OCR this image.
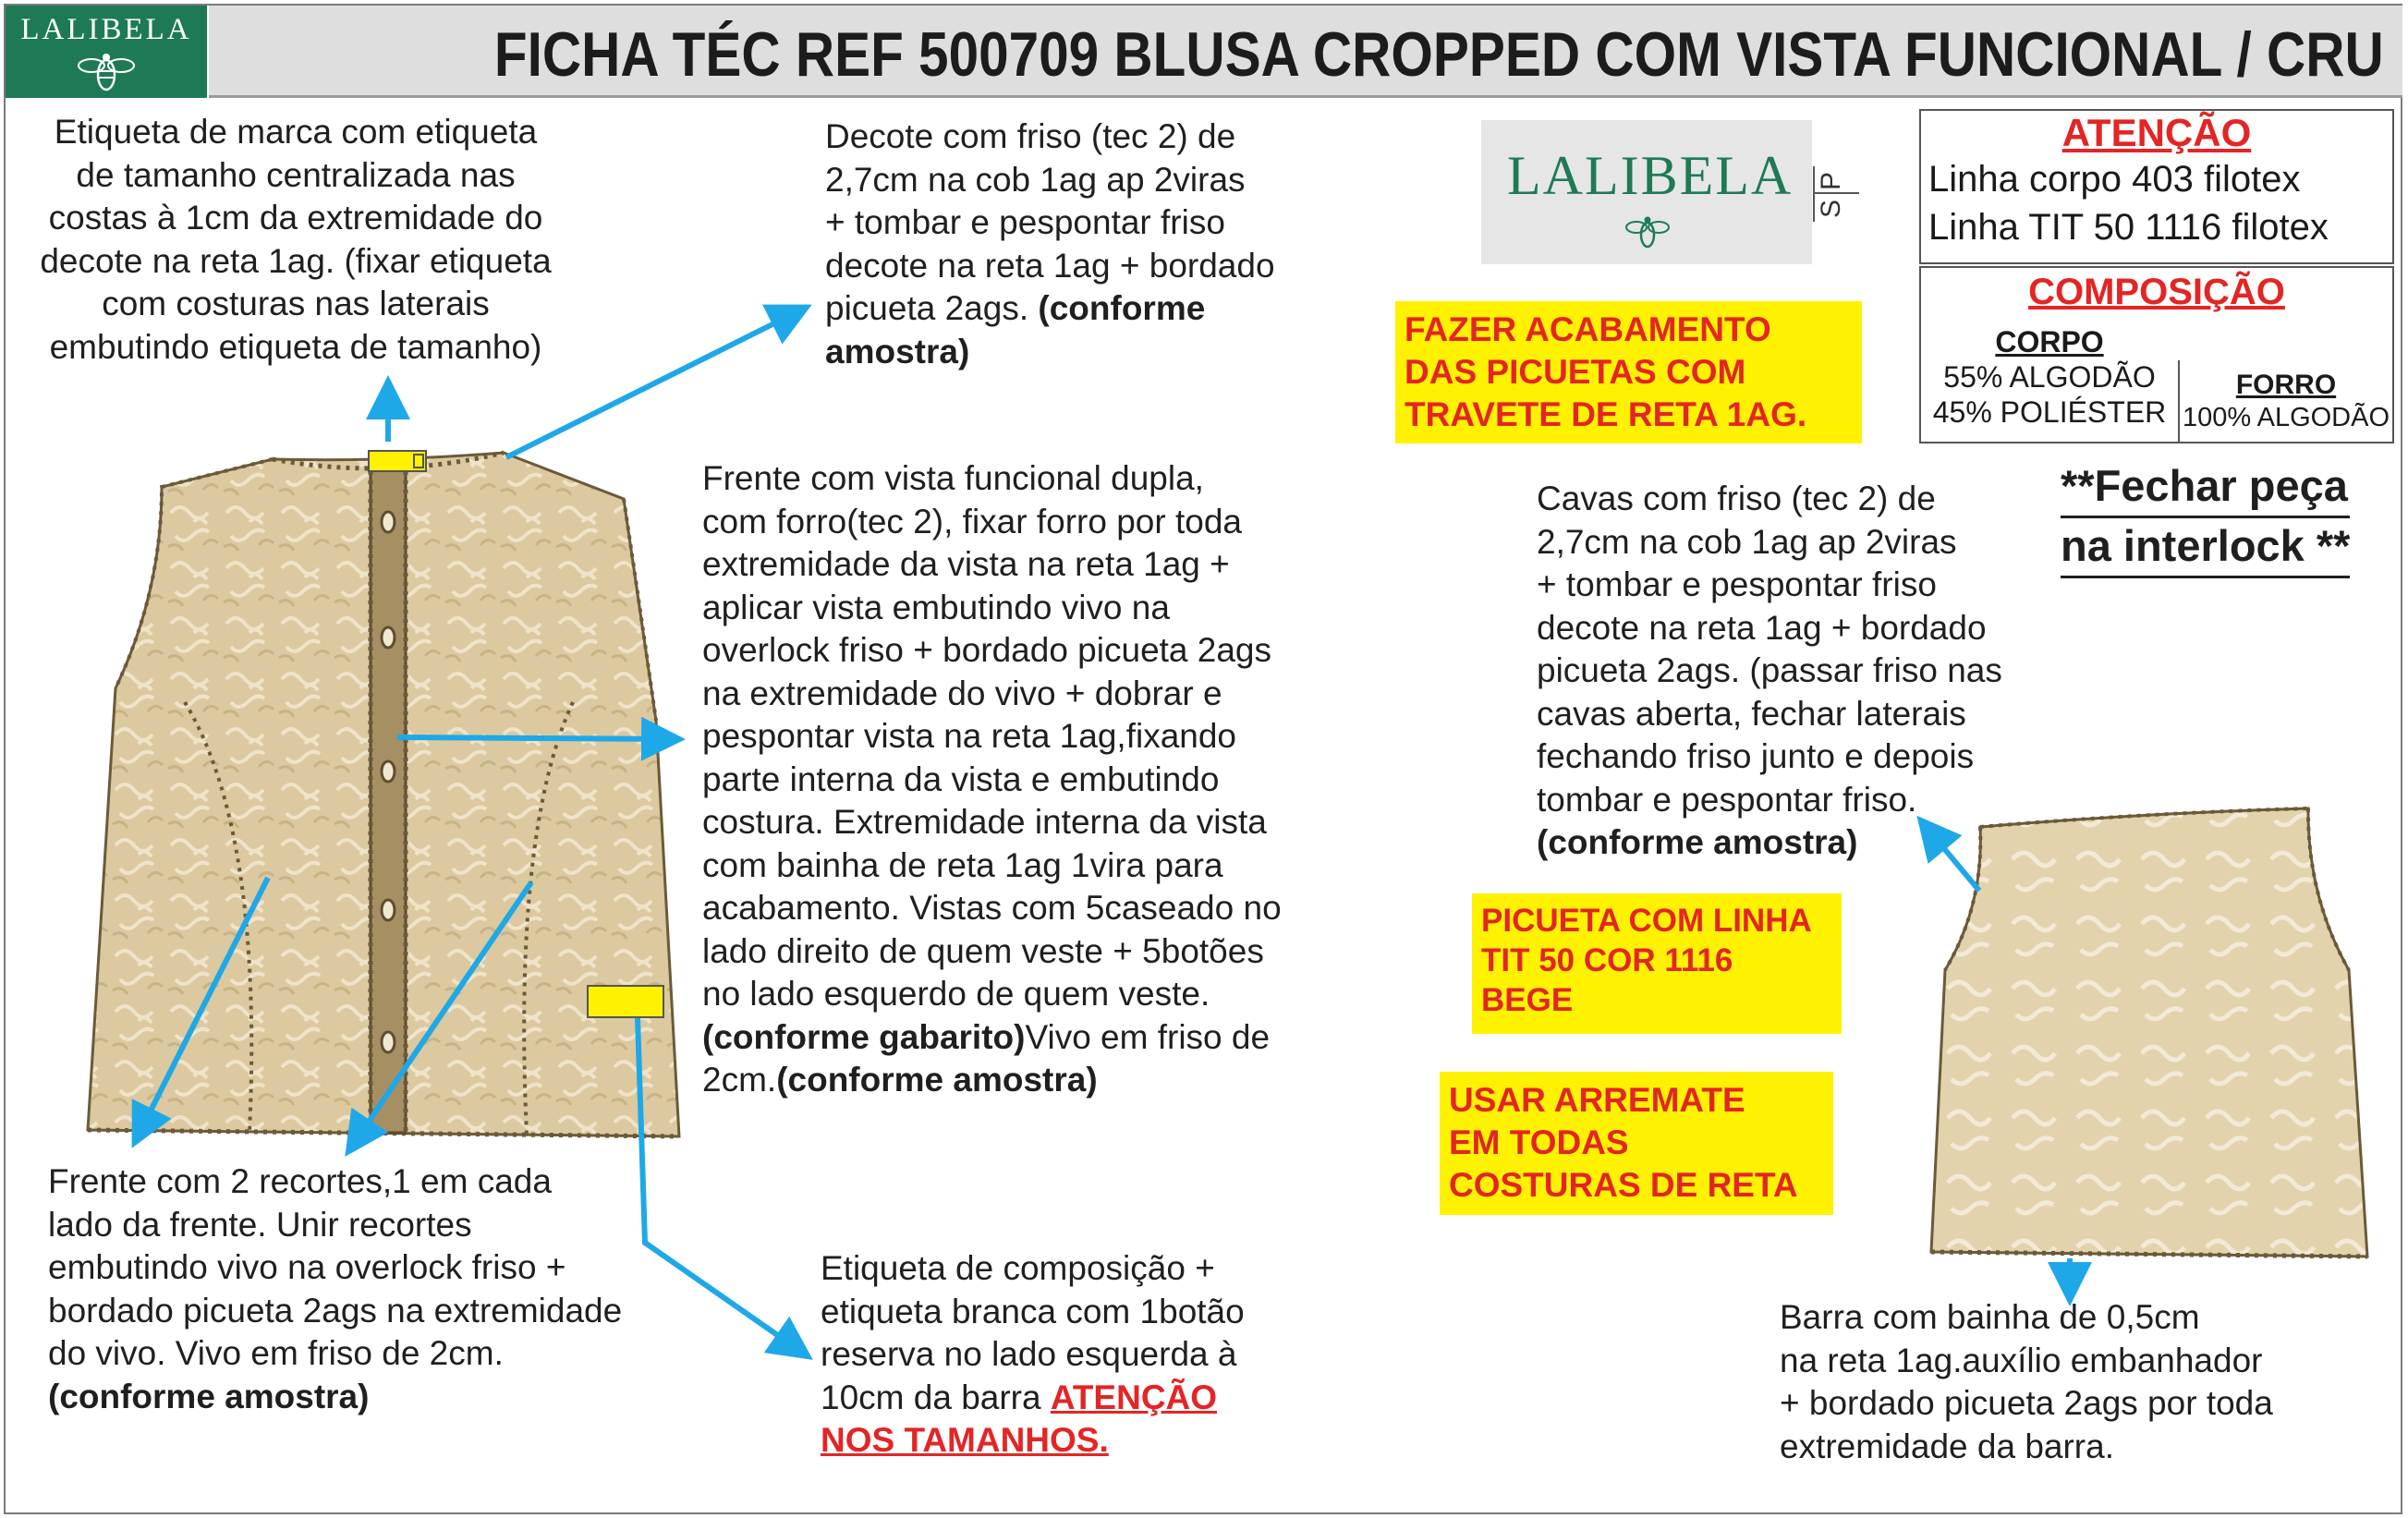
LALIBELA	FICHA TÉC REF 500709 BLUSA CROPPED COM VISTA FUNCIONAL / CRU
Etiqueta de marca com etiqueta
de tamanho centralizada nas
costas à 1cm da extremidade do
decote na reta 1ag. (fixar etiqueta
com costuras nas laterais
embutindo etiqueta de tamanho)
Decote com friso (tec 2) de
2,7cm na cob 1ag ap 2viras
+ tombar e pespontar friso
decote na reta 1ag + bordado
picueta 2ags. (conforme
amostra)
Frente com vista funcional dupla,
com forro(tec 2), fixar forro por toda
extremidade da vista na reta 1ag +
aplicar vista embutindo vivo na
overlock friso + bordado picueta 2ags
na extremidade do vivo + dobrar e
pespontar vista na reta 1ag,fixando
parte interna da vista e embutindo
costura. Extremidade interna da vista
com bainha de reta 1ag 1vira para
acabamento. Vistas com 5caseado no
lado direito de quem veste + 5botões
no lado esquerdo de quem veste.
(conforme gabarito)Vivo em friso de
2cm.(conforme amostra)
Cavas com friso (tec 2) de
2,7cm na cob 1ag ap 2viras
+ tombar e pespontar friso
decote na reta 1ag + bordado
picueta 2ags. (passar friso nas
cavas aberta, fechar laterais
fechando friso junto e depois
tombar e pespontar friso.
(conforme amostra)
Frente com 2 recortes,1 em cada
lado da frente. Unir recortes
embutindo vivo na overlock friso +
bordado picueta 2ags na extremidade
do vivo. Vivo em friso de 2cm.
(conforme amostra)
Etiqueta de composição +
etiqueta branca com 1botão
reserva no lado esquerda à
10cm da barra ATENÇÃO
NOS TAMANHOS.
Barra com bainha de 0,5cm
na reta 1ag.auxílio embanhador
+ bordado picueta 2ags por toda
extremidade da barra.
LALIBELA P
S
ATENÇÃO
Linha corpo 403 filotex
Linha TIT 50 1116 filotex
COMPOSIÇÃO
CORPO
55% ALGODÃO
45% POLIÉSTER
FORRO
100% ALGODÃO
FAZER ACABAMENTO
DAS PICUETAS COM
TRAVETE DE RETA 1AG.
PICUETA COM LINHA
TIT 50 COR 1116
BEGE
USAR ARREMATE
EM TODAS
COSTURAS DE RETA
**Fechar peça
na interlock **
